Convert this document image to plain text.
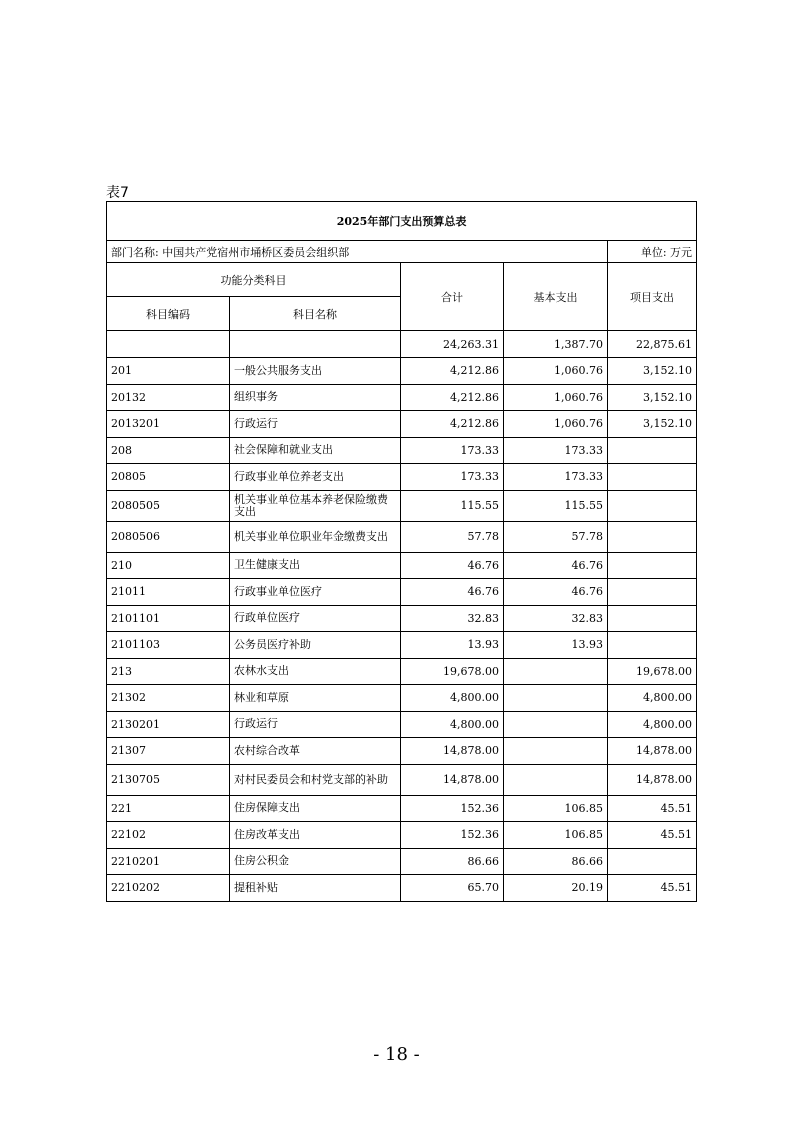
表7
2025年部门支出预算总表				
部门名称: 中国共产党宿州市埇桥区委员会组织部				单位: 万元
功能分类科目		合计	基本支出	项目支出
科目编码	科目名称			
		24,263.31	1,387.70	22,875.61
201	一般公共服务支出	4,212.86	1,060.76	3,152.10
20132	组织事务	4,212.86	1,060.76	3,152.10
2013201	行政运行	4,212.86	1,060.76	3,152.10
208	社会保障和就业支出	173.33	173.33	
20805	行政事业单位养老支出	173.33	173.33	
2080505	机关事业单位基本养老保险缴费支出	115.55	115.55	
2080506	机关事业单位职业年金缴费支出	57.78	57.78	
210	卫生健康支出	46.76	46.76	
21011	行政事业单位医疗	46.76	46.76	
2101101	行政单位医疗	32.83	32.83	
2101103	公务员医疗补助	13.93	13.93	
213	农林水支出	19,678.00		19,678.00
21302	林业和草原	4,800.00		4,800.00
2130201	行政运行	4,800.00		4,800.00
21307	农村综合改革	14,878.00		14,878.00
2130705	对村民委员会和村党支部的补助	14,878.00		14,878.00
221	住房保障支出	152.36	106.85	45.51
22102	住房改革支出	152.36	106.85	45.51
2210201	住房公积金	86.66	86.66	
2210202	提租补贴	65.70	20.19	45.51
- 18 -
